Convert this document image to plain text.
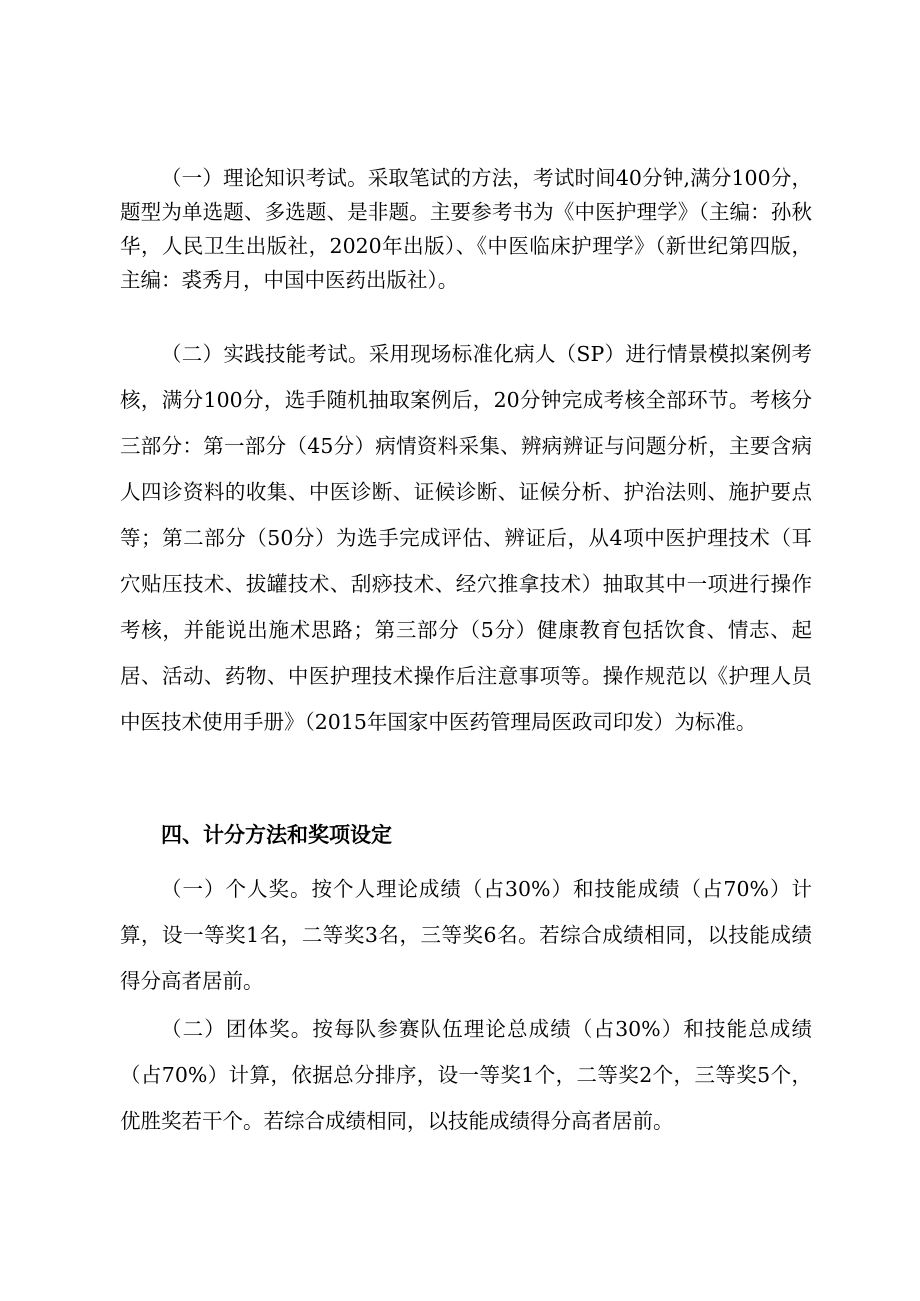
（一）理论知识考试。采取笔试的方法，考试时间40分钟,满分100分，题型为单选题、多选题、是非题。主要参考书为《中医护理学》（主编：孙秋华，人民卫生出版社，2020年出版）、《中医临床护理学》（新世纪第四版，主编：裘秀月，中国中医药出版社）。

（二）实践技能考试。采用现场标准化病人（SP）进行情景模拟案例考核，满分100分，选手随机抽取案例后，20分钟完成考核全部环节。考核分三部分：第一部分（45分）病情资料采集、辨病辨证与问题分析，主要含病人四诊资料的收集、中医诊断、证候诊断、证候分析、护治法则、施护要点等；第二部分（50分）为选手完成评估、辨证后，从4项中医护理技术（耳穴贴压技术、拔罐技术、刮痧技术、经穴推拿技术）抽取其中一项进行操作考核，并能说出施术思路；第三部分（5分）健康教育包括饮食、情志、起居、活动、药物、中医护理技术操作后注意事项等。操作规范以《护理人员中医技术使用手册》（2015年国家中医药管理局医政司印发）为标准。

四、计分方法和奖项设定

（一）个人奖。按个人理论成绩（占30%）和技能成绩（占70%）计算，设一等奖1名，二等奖3名，三等奖6名。若综合成绩相同，以技能成绩得分高者居前。

（二）团体奖。按每队参赛队伍理论总成绩（占30%）和技能总成绩（占70%）计算，依据总分排序，设一等奖1个，二等奖2个，三等奖5个，优胜奖若干个。若综合成绩相同，以技能成绩得分高者居前。
